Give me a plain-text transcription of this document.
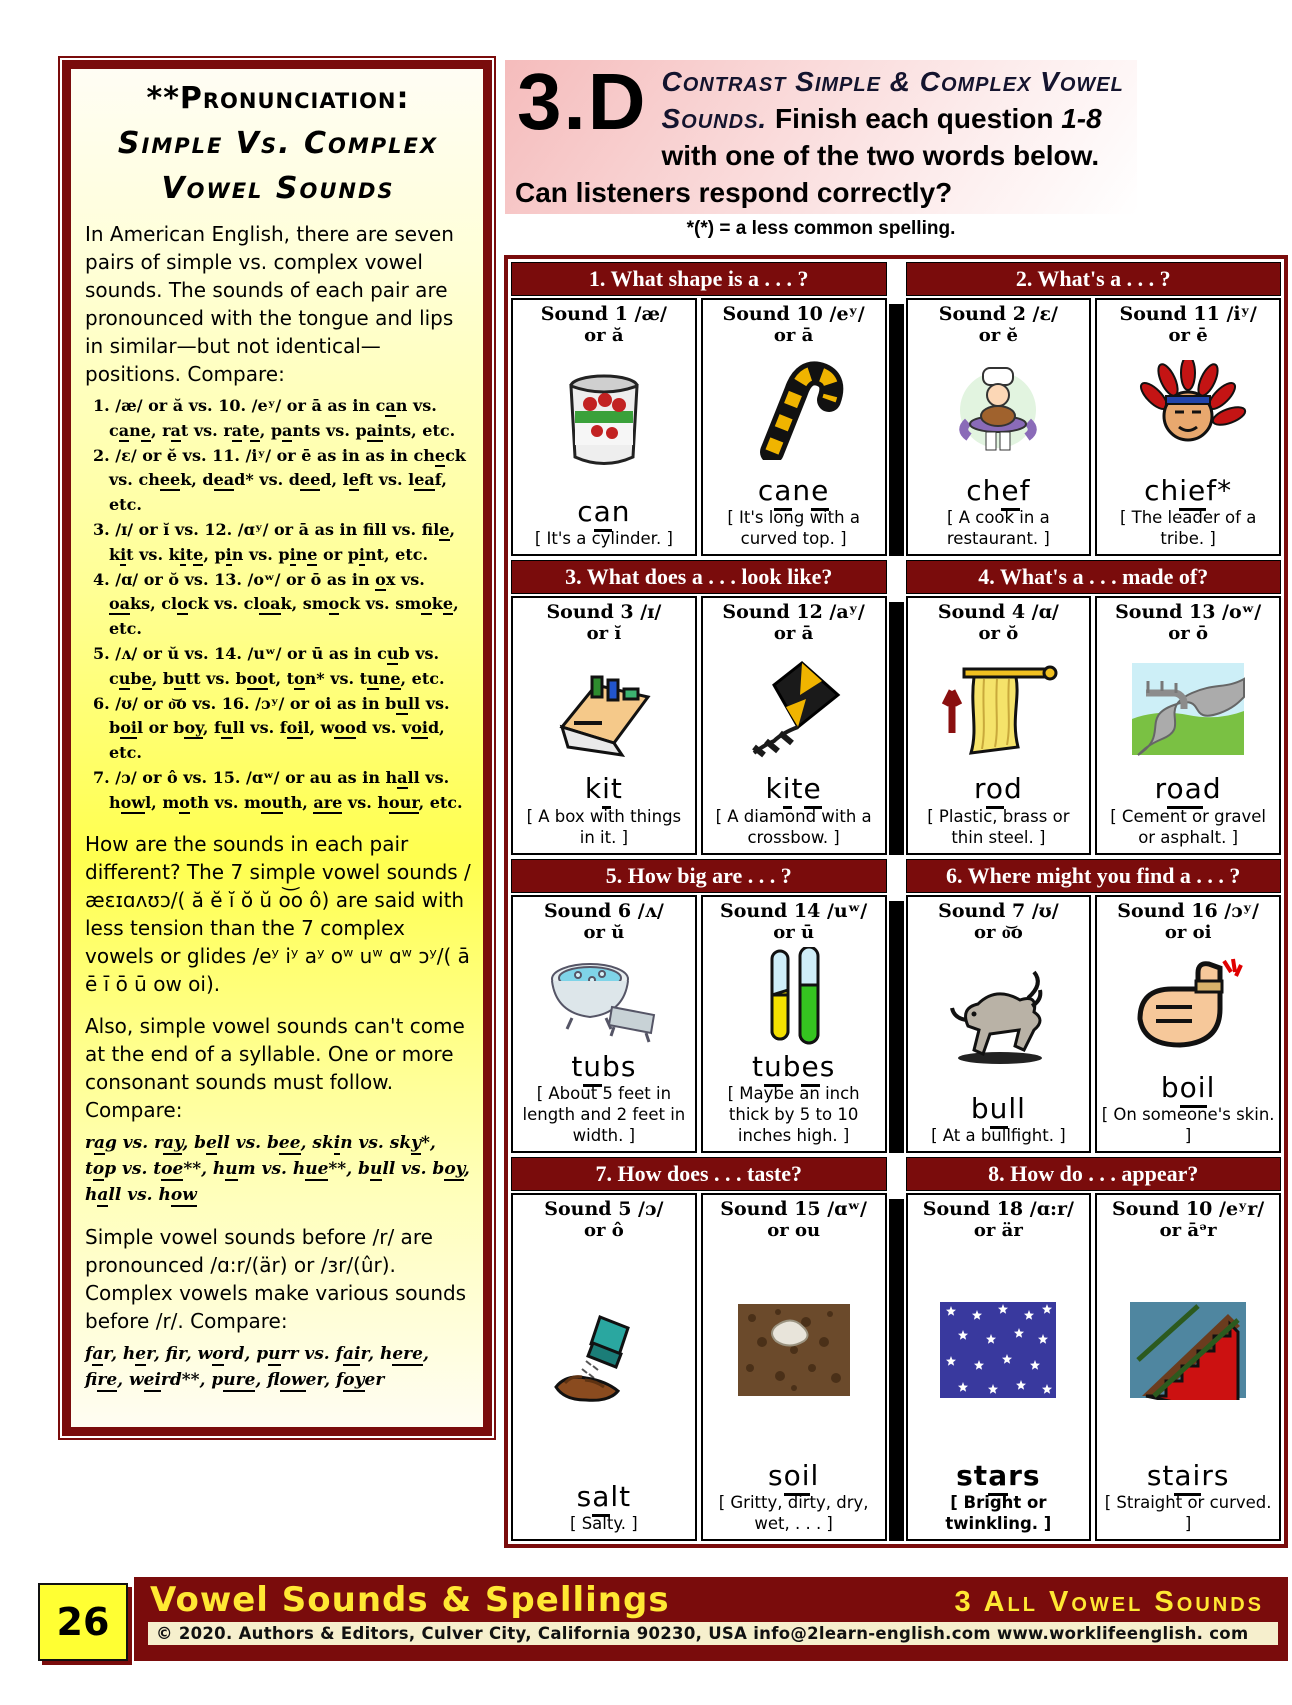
**Pronunciation:
Simple Vs. Complex
Vowel Sounds

In American English, there are seven pairs of simple vs. complex vowel sounds. The sounds of each pair are pronounced with the tongue and lips in similar—but not identical—positions. Compare:

1. /æ/ or ă vs. 10. /eʸ/ or ā as in can vs. cane, rat vs. rate, pants vs. paints, etc.
2. /ɛ/ or ĕ vs. 11. /iʸ/ or ē as in as in check vs. cheek, dead* vs. deed, left vs. leaf, etc.
3. /ɪ/ or ĭ vs. 12. /ɑʸ/ or ā as in fll vs. fle, kit vs. kite, pin vs. pine or pint, etc.
4. /ɑ/ or ŏ vs. 13. /oʷ/ or ō as in ox vs. oaks, clock vs. cloak, smock vs. smoke, etc.
5. /ʌ/ or ŭ vs. 14. /uʷ/ or ū as in cub vs. cube, butt vs. boot, ton* vs. tune, etc.
6. /ʊ/ or o͝o vs. 16. /ɔʸ/ or oi as in bull vs. boil or boy, full vs. foil, wood vs. void, etc.
7. /ɔ/ or ô vs. 15. /ɑʷ/ or au as in hall vs. howl, moth vs. mouth, are vs. hour, etc.

How are the sounds in each pair different? The 7 simple vowel sounds /æɛɪɑʌʊɔ/( ă ĕ ĭ ŏ ŭ o͝o ô) are said with less tension than the 7 complex vowels or glides /eʸ iʸ aʸ oʷ uʷ ɑʷ ɔʸ/( ā ē ī ō ū ow oi).

Also, simple vowel sounds can't come at the end of a syllable. One or more consonant sounds must follow. Compare:

rag vs. ray, bell vs. bee, skin vs. sky*, top vs. toe**, hum vs. hue**, bull vs. boy, hall vs. how

Simple vowel sounds before /r/ are pronounced /ɑ:r/(är) or /ɜr/(ûr). Complex vowels make various sounds before /r/. Compare:

far, her, fr, word, purr vs. fair, here, fire, weird**, pure, flower, foyer

3.D Contrast Simple & Complex Vowel Sounds. Finish each question 1-8 with one of the two words below. Can listeners respond correctly?
*(*) = a less common spelling.
1. What shape is a . . . ?
Sound 1 /æ/
or ă
can
[ It's a cylinder. ]
Sound 10 /eʸ/
or ā
cane
[ It's long with a curved top. ]
2. What's a . . . ?
Sound 2 /ɛ/
or ĕ
chef
[ A cook in a restaurant. ]
Sound 11 /iʸ/
or ē
chief*
[ The leader of a tribe. ]
3. What does a . . . look like?
Sound 3 /ɪ/
or ĭ
kit
[ A box with things in it. ]
Sound 12 /aʸ/
or ā
kite
[ A diamond with a crossbow. ]
4. What's a . . . made of?
Sound 4 /ɑ/
or ŏ
rod
[ Plastic, brass or thin steel. ]
Sound 13 /oʷ/
or ō
road
[ Cement or gravel or asphalt. ]
5. How big are . . . ?
Sound 6 /ʌ/
or ŭ
tubs
[ About 5 feet in length and 2 feet in width. ]
Sound 14 /uʷ/
or ū
tubes
[ Maybe an inch thick by 5 to 10 inches high. ]
6. Where might you find a . . . ?
Sound 7 /ʊ/
or o͝o
bull
[ At a bullfight. ]
Sound 16 /ɔʸ/
or oi
boil
[ On someone's skin. ]
7. How does . . . taste?
Sound 5 /ɔ/
or ô
salt
[ Salty. ]
Sound 15 /ɑʷ/
or ou
soil
[ Gritty, dirty, dry, wet, . . . ]
8. How do . . . appear?
Sound 18 /ɑ:r/
or är
stars
[ Bright or twinkling. ]
Sound 10 /eʸr/
or āᵊr
stairs
[ Straight or curved. ]
26	Vowel Sounds & Spellings	3 All Vowel Sounds
© 2020. Authors & Editors, Culver City, California 90230, USA info@2learn-english.com www.worklifeenglish. com
